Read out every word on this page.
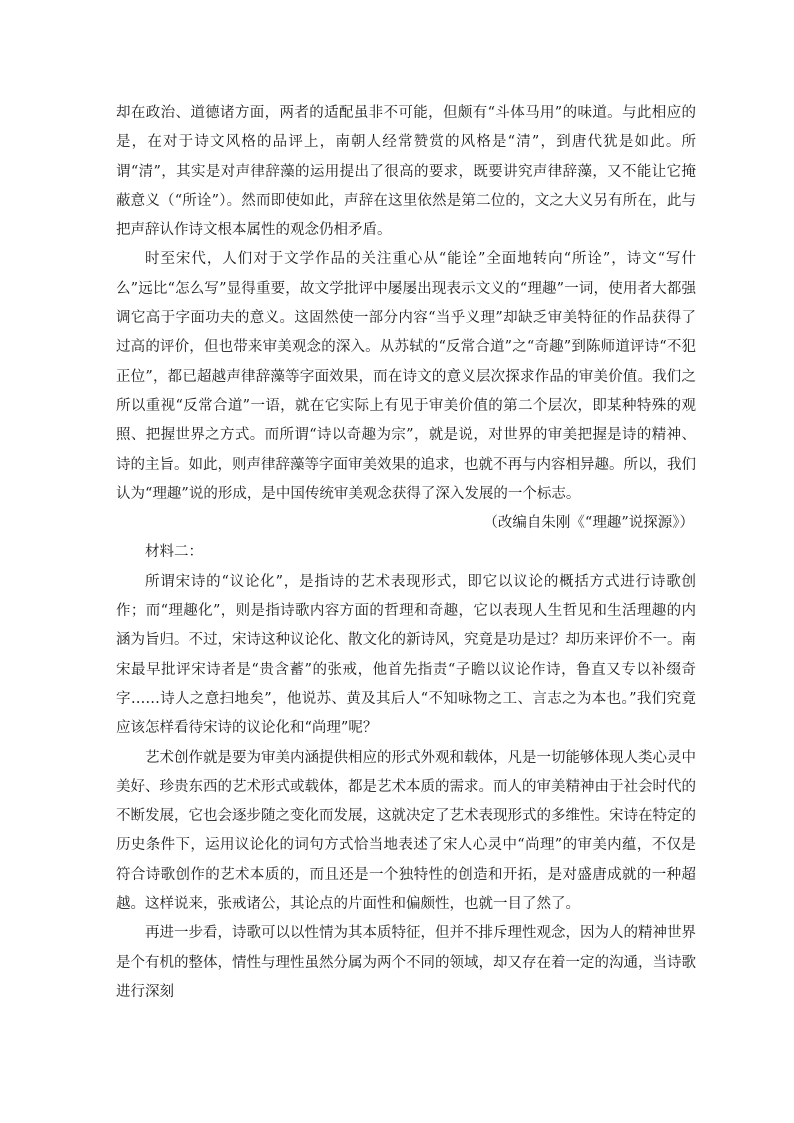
却在政治、道德诸方面，两者的适配虽非不可能，但颇有“斗体马用”的味道。与此相应的是，在对于诗文风格的品评上，南朝人经常赞赏的风格是“清”，到唐代犹是如此。所谓“清”，其实是对声律辞藻的运用提出了很高的要求，既要讲究声律辞藻，又不能让它掩蔽意义（“所诠”）。然而即使如此，声辞在这里依然是第二位的，文之大义另有所在，此与把声辞认作诗文根本属性的观念仍相矛盾。

时至宋代，人们对于文学作品的关注重心从“能诠”全面地转向“所诠”，诗文“写什么”远比“怎么写”显得重要，故文学批评中屡屡出现表示文义的“理趣”一词，使用者大都强调它高于字面功夫的意义。这固然使一部分内容“当乎义理”却缺乏审美特征的作品获得了过高的评价，但也带来审美观念的深入。从苏轼的“反常合道”之“奇趣”到陈师道评诗“不犯正位”，都已超越声律辞藻等字面效果，而在诗文的意义层次探求作品的审美价值。我们之所以重视“反常合道”一语，就在它实际上有见于审美价值的第二个层次，即某种特殊的观照、把握世界之方式。而所谓“诗以奇趣为宗”，就是说，对世界的审美把握是诗的精神、诗的主旨。如此，则声律辞藻等字面审美效果的追求，也就不再与内容相异趣。所以，我们认为“理趣”说的形成，是中国传统审美观念获得了深入发展的一个标志。

（改编自朱刚《“理趣”说探源》）

材料二：

所谓宋诗的“议论化”，是指诗的艺术表现形式，即它以议论的概括方式进行诗歌创作；而“理趣化”，则是指诗歌内容方面的哲理和奇趣，它以表现人生哲见和生活理趣的内涵为旨归。不过，宋诗这种议论化、散文化的新诗风，究竟是功是过？却历来评价不一。南宋最早批评宋诗者是“贵含蓄”的张戒，他首先指责“子瞻以议论作诗，鲁直又专以补缀奇字……诗人之意扫地矣”，他说苏、黄及其后人“不知咏物之工、言志之为本也。”我们究竟应该怎样看待宋诗的议论化和“尚理”呢？

艺术创作就是要为审美内涵提供相应的形式外观和载体，凡是一切能够体现人类心灵中美好、珍贵东西的艺术形式或载体，都是艺术本质的需求。而人的审美精神由于社会时代的不断发展，它也会逐步随之变化而发展，这就决定了艺术表现形式的多维性。宋诗在特定的历史条件下，运用议论化的词句方式恰当地表述了宋人心灵中“尚理”的审美内蕴，不仅是符合诗歌创作的艺术本质的，而且还是一个独特性的创造和开拓，是对盛唐成就的一种超越。这样说来，张戒诸公，其论点的片面性和偏颇性，也就一目了然了。

再进一步看，诗歌可以以性情为其本质特征，但并不排斥理性观念，因为人的精神世界是个有机的整体，情性与理性虽然分属为两个不同的领域，却又存在着一定的沟通，当诗歌进行深刻
